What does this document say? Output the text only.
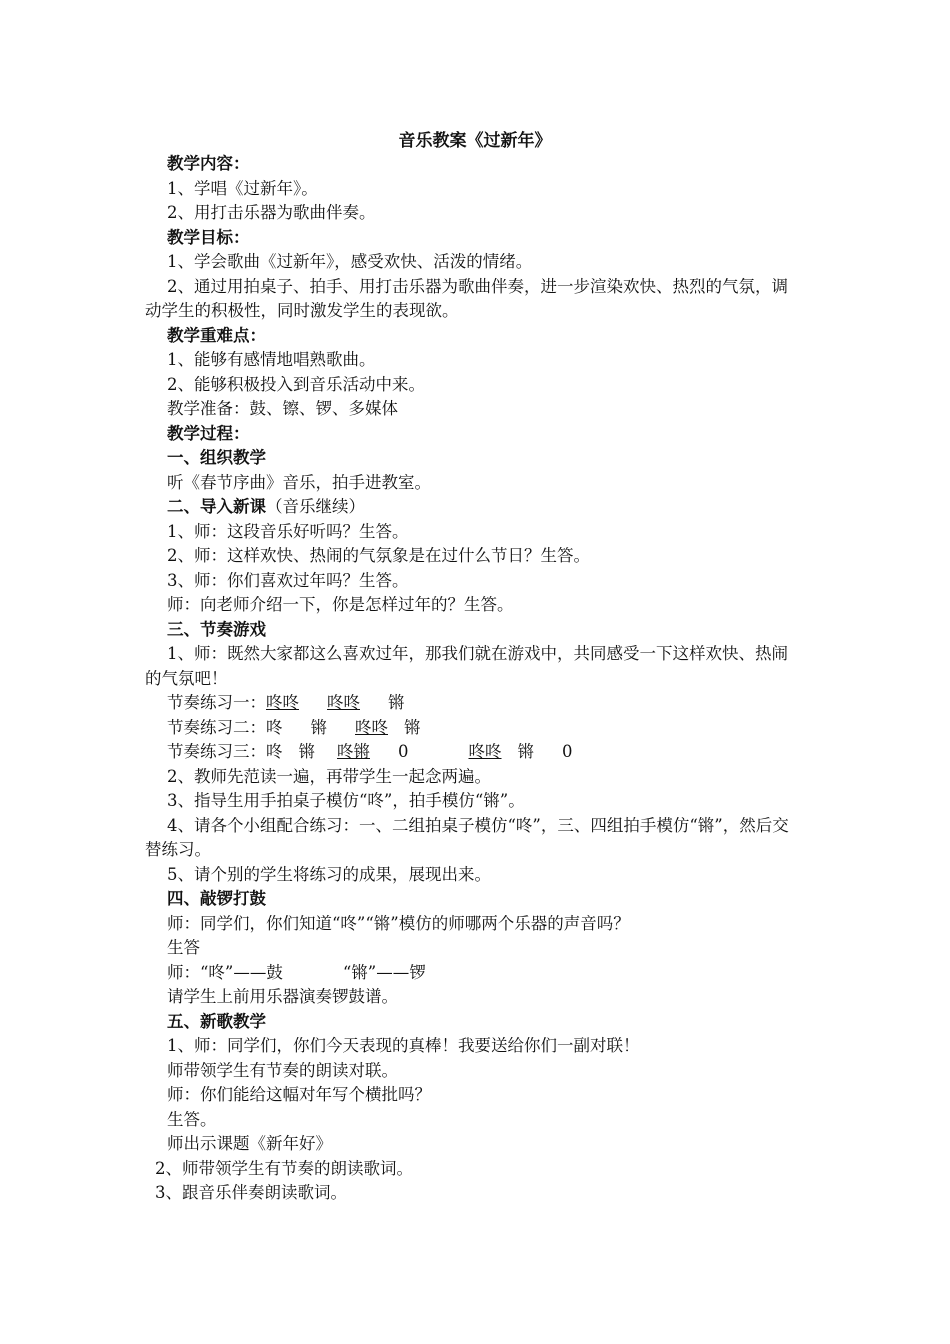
音乐教案《过新年》
教学内容：
1、学唱《过新年》。
2、用打击乐器为歌曲伴奏。
教学目标：
1、学会歌曲《过新年》，感受欢快、活泼的情绪。
2、通过用拍桌子、拍手、用打击乐器为歌曲伴奏，进一步渲染欢快、热烈的气氛，调动学生的积极性，同时激发学生的表现欲。
教学重难点：
1、能够有感情地唱熟歌曲。
2、能够积极投入到音乐活动中来。
教学准备：鼓、镲、锣、多媒体
教学过程：
一、组织教学
听《春节序曲》音乐，拍手进教室。
二、导入新课（音乐继续）
1、师：这段音乐好听吗？生答。
2、师：这样欢快、热闹的气氛象是在过什么节日？生答。
3、师：你们喜欢过年吗？生答。
师：向老师介绍一下，你是怎样过年的？生答。
三、节奏游戏
1、师：既然大家都这么喜欢过年，那我们就在游戏中，共同感受一下这样欢快、热闹的气氛吧！
节奏练习一：咚咚 咚咚 锵
节奏练习二：咚 锵 咚咚 锵
节奏练习三：咚 锵 咚锵 0	咚咚 锵 0
2、教师先范读一遍，再带学生一起念两遍。
3、指导生用手拍桌子模仿“咚”，拍手模仿“锵”。
4、请各个小组配合练习：一、二组拍桌子模仿“咚”，三、四组拍手模仿“锵”，然后交替练习。
5、请个别的学生将练习的成果，展现出来。
四、敲锣打鼓
师：同学们，你们知道“咚”“锵”模仿的师哪两个乐器的声音吗？
生答
师：“咚”——鼓	“锵”——锣
请学生上前用乐器演奏锣鼓谱。
五、新歌教学
1、师：同学们，你们今天表现的真棒！我要送给你们一副对联！
师带领学生有节奏的朗读对联。
师：你们能给这幅对年写个横批吗？
生答。
师出示课题《新年好》
2、师带领学生有节奏的朗读歌词。
3、跟音乐伴奏朗读歌词。
